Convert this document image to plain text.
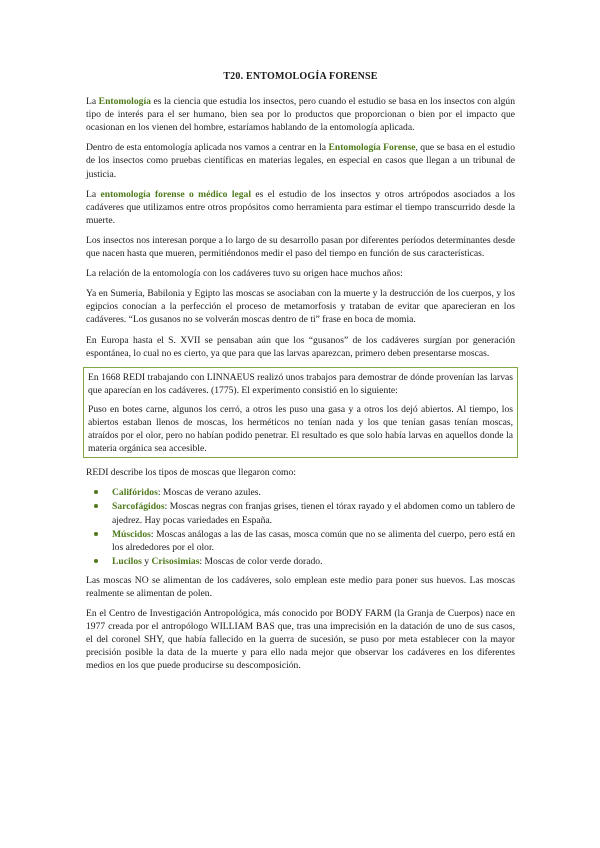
T20. ENTOMOLOGÍA FORENSE

La Entomología es la ciencia que estudia los insectos, pero cuando el estudio se basa en los insectos con algún tipo de interés para el ser humano, bien sea por lo productos que proporcionan o bien por el impacto que ocasionan en los vienen del hombre, estaríamos hablando de la entomología aplicada.

Dentro de esta entomología aplicada nos vamos a centrar en la Entomología Forense, que se basa en el estudio de los insectos como pruebas científicas en materias legales, en especial en casos que llegan a un tribunal de justicia.

La entomología forense o médico legal es el estudio de los insectos y otros artrópodos asociados a los cadáveres que utilizamos entre otros propósitos como herramienta para estimar el tiempo transcurrido desde la muerte.

Los insectos nos interesan porque a lo largo de su desarrollo pasan por diferentes períodos determinantes desde que nacen hasta que mueren, permitiéndonos medir el paso del tiempo en función de sus características.

La relación de la entomología con los cadáveres tuvo su origen hace muchos años:

Ya en Sumeria, Babilonia y Egipto las moscas se asociaban con la muerte y la destrucción de los cuerpos, y los egipcios conocían a la perfección el proceso de metamorfosis y trataban de evitar que aparecieran en los cadáveres. “Los gusanos no se volverán moscas dentro de ti” frase en boca de momia.

En Europa hasta el S. XVII se pensaban aún que los “gusanos” de los cadáveres surgían por generación espontánea, lo cual no es cierto, ya que para que las larvas aparezcan, primero deben presentarse moscas.

En 1668 REDI trabajando con LINNAEUS realizó unos trabajos para demostrar de dónde provenían las larvas que aparecían en los cadáveres. (1775). El experimento consistió en lo siguiente:

Puso en botes carne, algunos los cerró, a otros les puso una gasa y a otros los dejó abiertos. Al tiempo, los abiertos estaban llenos de moscas, los herméticos no tenían nada y los que tenían gasas tenían moscas, atraídos por el olor, pero no habían podido penetrar. El resultado es que solo había larvas en aquellos donde la materia orgánica sea accesible.

REDI describe los tipos de moscas que llegaron como:

Califóridos: Moscas de verano azules.
Sarcofágidos: Moscas negras con franjas grises, tienen el tórax rayado y el abdomen como un tablero de ajedrez. Hay pocas variedades en España.
Múscidos: Moscas análogas a las de las casas, mosca común que no se alimenta del cuerpo, pero está en los alrededores por el olor.
Lucilos y Crisosimias: Moscas de color verde dorado.

Las moscas NO se alimentan de los cadáveres, solo emplean este medio para poner sus huevos. Las moscas realmente se alimentan de polen.

En el Centro de Investigación Antropológica, más conocido por BODY FARM (la Granja de Cuerpos) nace en 1977 creada por el antropólogo WILLIAM BAS que, tras una imprecisión en la datación de uno de sus casos, el del coronel SHY, que había fallecido en la guerra de sucesión, se puso por meta establecer con la mayor precisión posible la data de la muerte y para ello nada mejor que observar los cadáveres en los diferentes medios en los que puede producirse su descomposición.
